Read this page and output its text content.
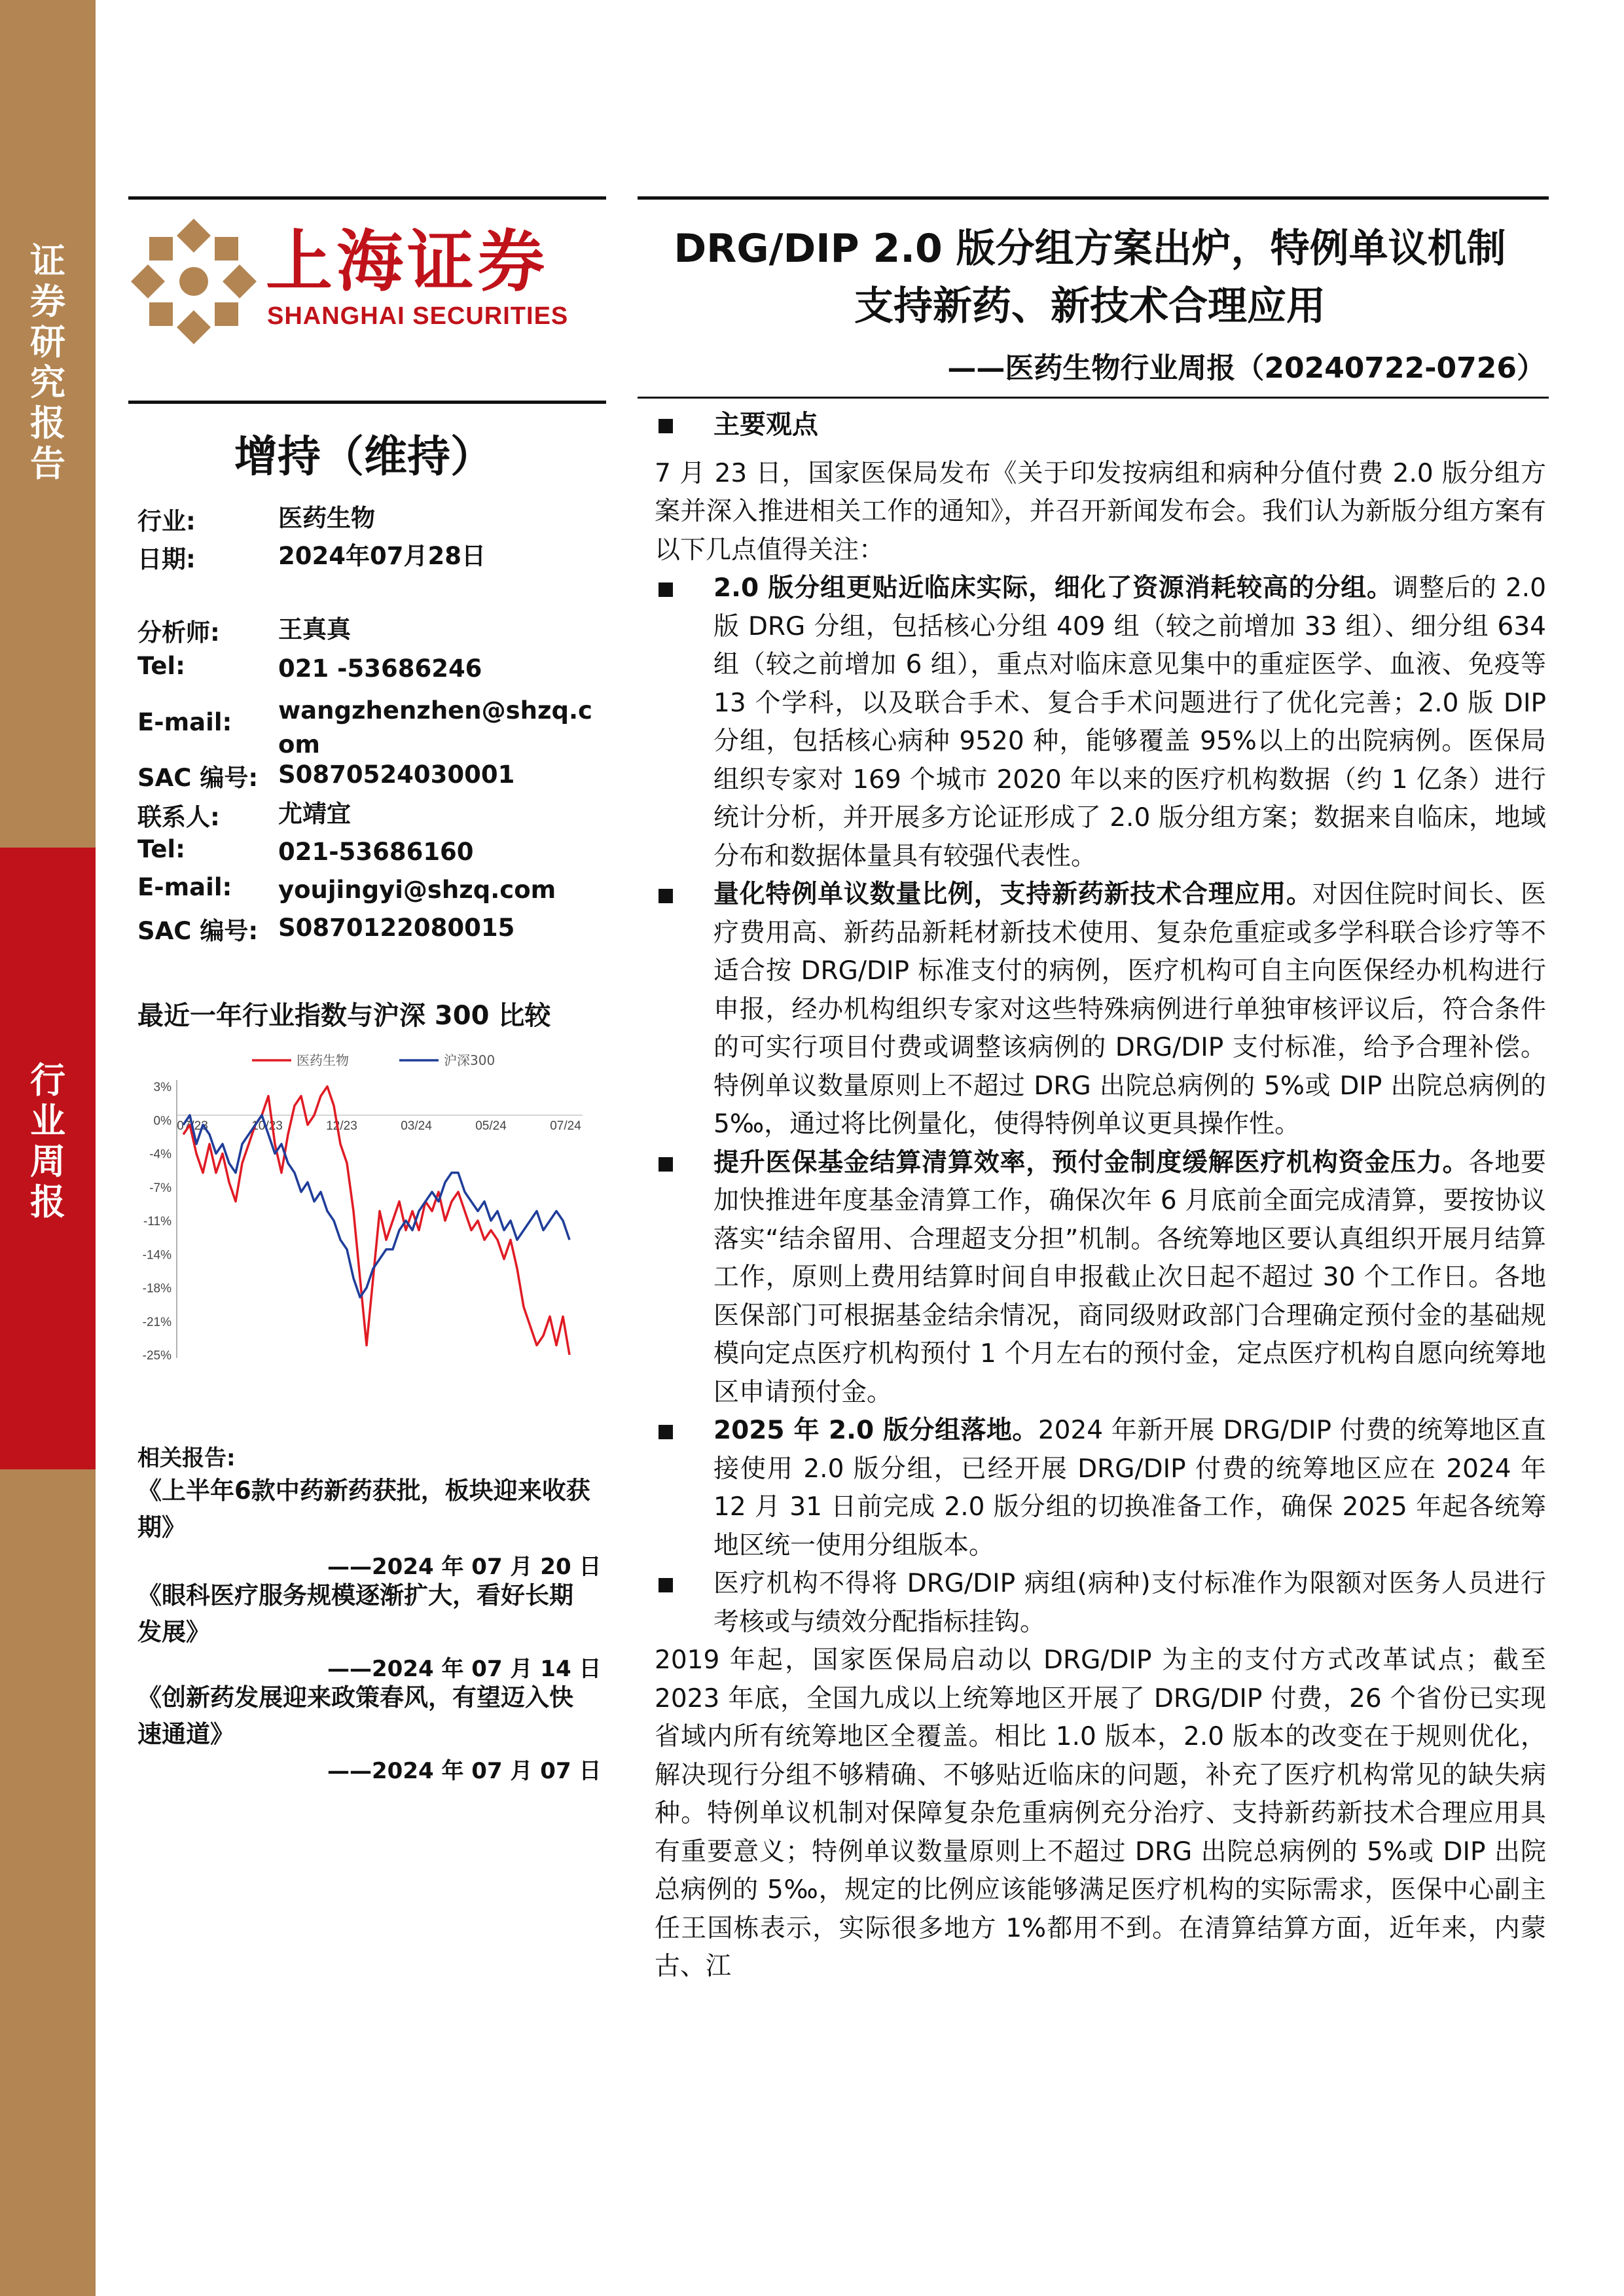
证
券
研
究
报
告
行
业
周
报
上海证券
SHANGHAI SECURITIES
DRG/DIP 2.0 版分组方案出炉，特例单议机制
支持新药、新技术合理应用
——医药生物行业周报（20240722-0726）
增持（维持）
行业:	医药生物
日期:	2024年07月28日
分析师: 王真真
Tel:	021 -53686246
E-mail: wangzhenzhen@shzq.com
SAC 编号: S0870524030001
联系人: 尤靖宜
Tel:	021-53686160
E-mail: youjingyi@shzq.com
SAC 编号: S0870122080015
最近一年行业指数与沪深 300 比较
3%
0%
-4%
-7%
-11%
-14%
-18%
-21%
-25%
07/23	10/23	12/23	03/24	05/24	07/24
医药生物	沪深300
相关报告:
《上半年6款中药新药获批，板块迎来收获
期》
——2024 年 07 月 20 日
《眼科医疗服务规模逐渐扩大，看好长期
发展》
——2024 年 07 月 14 日
《创新药发展迎来政策春风，有望迈入快
速通道》
——2024 年 07 月 07 日
主要观点

7 月 23 日，国家医保局发布《关于印发按病组和病种分值付费 2.0 版分组方案并深入推进相关工作的通知》，并召开新闻发布会。我们认为新版分组方案有以下几点值得关注：

2.0 版分组更贴近临床实际，细化了资源消耗较高的分组。调整后的 2.0 版 DRG 分组，包括核心分组 409 组（较之前增加 33 组）、细分组 634 组（较之前增加 6 组），重点对临床意见集中的重症医学、血液、免疫等 13 个学科，以及联合手术、复合手术问题进行了优化完善；2.0 版 DIP 分组，包括核心病种 9520 种，能够覆盖 95%以上的出院病例。医保局组织专家对 169 个城市 2020 年以来的医疗机构数据（约 1 亿条）进行统计分析，并开展多方论证形成了 2.0 版分组方案；数据来自临床，地域分布和数据体量具有较强代表性。
量化特例单议数量比例，支持新药新技术合理应用。对因住院时间长、医疗费用高、新药品新耗材新技术使用、复杂危重症或多学科联合诊疗等不适合按 DRG/DIP 标准支付的病例，医疗机构可自主向医保经办机构进行申报，经办机构组织专家对这些特殊病例进行单独审核评议后，符合条件的可实行项目付费或调整该病例的 DRG/DIP 支付标准，给予合理补偿。特例单议数量原则上不超过 DRG 出院总病例的 5%或 DIP 出院总病例的 5‰，通过将比例量化，使得特例单议更具操作性。
提升医保基金结算清算效率，预付金制度缓解医疗机构资金压力。各地要加快推进年度基金清算工作，确保次年 6 月底前全面完成清算，要按协议落实“结余留用、合理超支分担”机制。各统筹地区要认真组织开展月结算工作，原则上费用结算时间自申报截止次日起不超过 30 个工作日。各地医保部门可根据基金结余情况，商同级财政部门合理确定预付金的基础规模向定点医疗机构预付 1 个月左右的预付金，定点医疗机构自愿向统筹地区申请预付金。
2025 年 2.0 版分组落地。2024 年新开展 DRG/DIP 付费的统筹地区直接使用 2.0 版分组，已经开展 DRG/DIP 付费的统筹地区应在 2024 年 12 月 31 日前完成 2.0 版分组的切换准备工作，确保 2025 年起各统筹地区统一使用分组版本。
医疗机构不得将 DRG/DIP 病组(病种)支付标准作为限额对医务人员进行考核或与绩效分配指标挂钩。

2019 年起，国家医保局启动以 DRG/DIP 为主的支付方式改革试点；截至 2023 年底，全国九成以上统筹地区开展了 DRG/DIP 付费，26 个省份已实现省域内所有统筹地区全覆盖。相比 1.0 版本，2.0 版本的改变在于规则优化，解决现行分组不够精确、不够贴近临床的问题，补充了医疗机构常见的缺失病种。特例单议机制对保障复杂危重病例充分治疗、支持新药新技术合理应用具有重要意义；特例单议数量原则上不超过 DRG 出院总病例的 5%或 DIP 出院总病例的 5‰，规定的比例应该能够满足医疗机构的实际需求，医保中心副主任王国栋表示，实际很多地方 1%都用不到。在清算结算方面，近年来，内蒙古、江
